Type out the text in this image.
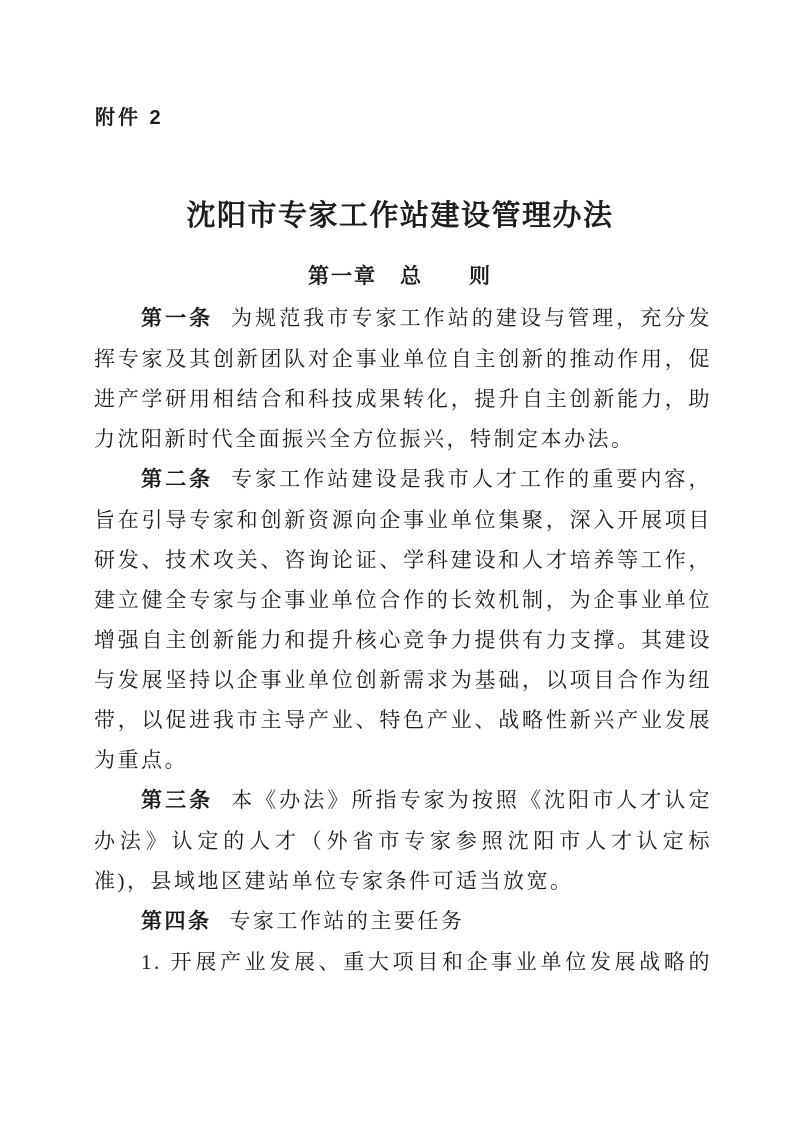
附件 2
沈阳市专家工作站建设管理办法
第一章　总　　则

第一条 为规范我市专家工作站的建设与管理，充分发挥专家及其创新团队对企事业单位自主创新的推动作用，促进产学研用相结合和科技成果转化，提升自主创新能力，助力沈阳新时代全面振兴全方位振兴，特制定本办法。

第二条 专家工作站建设是我市人才工作的重要内容，旨在引导专家和创新资源向企事业单位集聚，深入开展项目研发、技术攻关、咨询论证、学科建设和人才培养等工作，建立健全专家与企事业单位合作的长效机制，为企事业单位增强自主创新能力和提升核心竞争力提供有力支撑。其建设与发展坚持以企事业单位创新需求为基础，以项目合作为纽带，以促进我市主导产业、特色产业、战略性新兴产业发展为重点。

第三条 本《办法》所指专家为按照《沈阳市人才认定办法》认定的人才（外省市专家参照沈阳市人才认定标准)，县域地区建站单位专家条件可适当放宽。

第四条 专家工作站的主要任务

1. 开展产业发展、重大项目和企事业单位发展战略的
